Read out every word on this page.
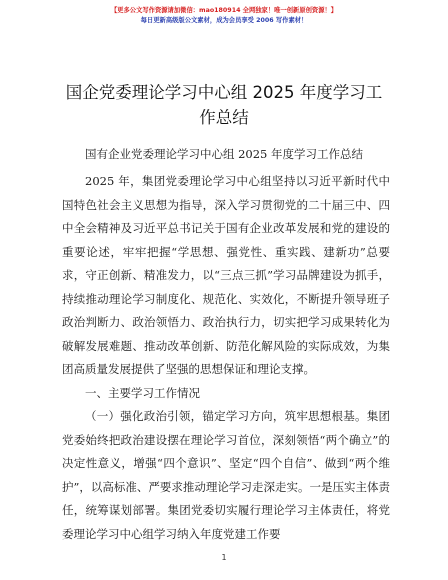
【更多公文写作资源请加微信：mao180914 全网独家！唯一创新原创资源！】
每日更新高级版公文素材，成为会员享受 2006 写作素材！
国企党委理论学习中心组 2025 年度学习工作总结
国有企业党委理论学习中心组 2025 年度学习工作总结

2025 年，集团党委理论学习中心组坚持以习近平新时代中国特色社会主义思想为指导，深入学习贯彻党的二十届三中、四中全会精神及习近平总书记关于国有企业改革发展和党的建设的重要论述，牢牢把握“学思想、强党性、重实践、建新功”总要求，守正创新、精准发力，以“三点三抓”学习品牌建设为抓手，持续推动理论学习制度化、规范化、实效化，不断提升领导班子政治判断力、政治领悟力、政治执行力，切实把学习成果转化为破解发展难题、推动改革创新、防范化解风险的实际成效，为集团高质量发展提供了坚强的思想保证和理论支撑。

一、主要学习工作情况

（一）强化政治引领，锚定学习方向，筑牢思想根基。集团党委始终把政治建设摆在理论学习首位，深刻领悟“两个确立”的决定性意义，增强“四个意识”、坚定“四个自信”、做到“两个维护”，以高标准、严要求推动理论学习走深走实。一是压实主体责任，统筹谋划部署。集团党委切实履行理论学习主体责任，将党委理论学习中心组学习纳入年度党建工作要

1
